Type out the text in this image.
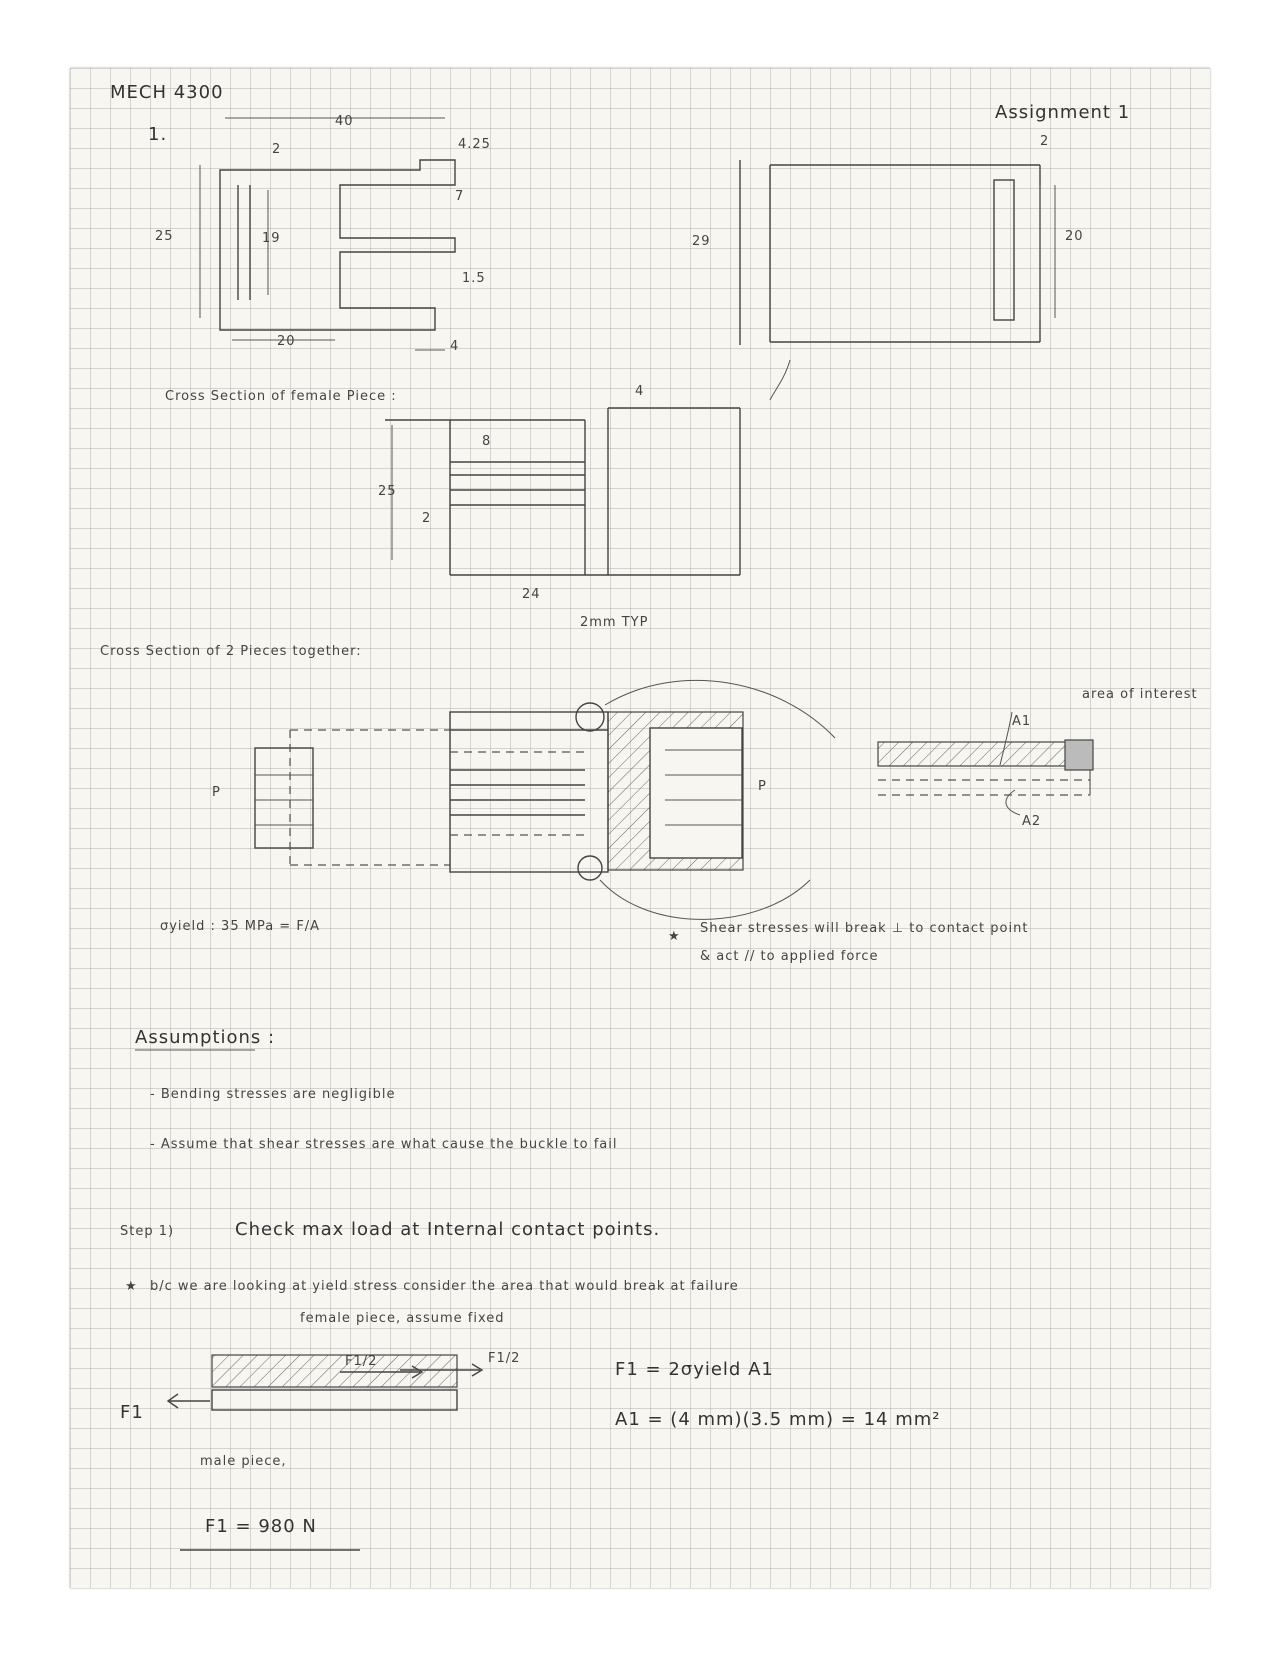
MECH 4300
Assignment 1
1.
40
4.25
2
25	19
7
1.5
20	4
29
2
20
Cross Section of female Piece :	4
8
25
2
24
2mm TYP
Cross Section of 2 Pieces together:
P	P
A1
A2
area of interest
σyield : 35 MPa = F/A
★
Shear stresses will break ⊥ to contact point
& act // to applied force
Assumptions :
- Bending stresses are negligible
- Assume that shear stresses are what cause the buckle to fail
Step 1)	Check max load at Internal contact points.
★ b/c we are looking at yield stress consider the area that would break at failure
female piece, assume fixed
F1/2	F1/2
F1
male piece,
F1 = 2σyield A1
A1 = (4 mm)(3.5 mm) = 14 mm²
F1 = 980 N
